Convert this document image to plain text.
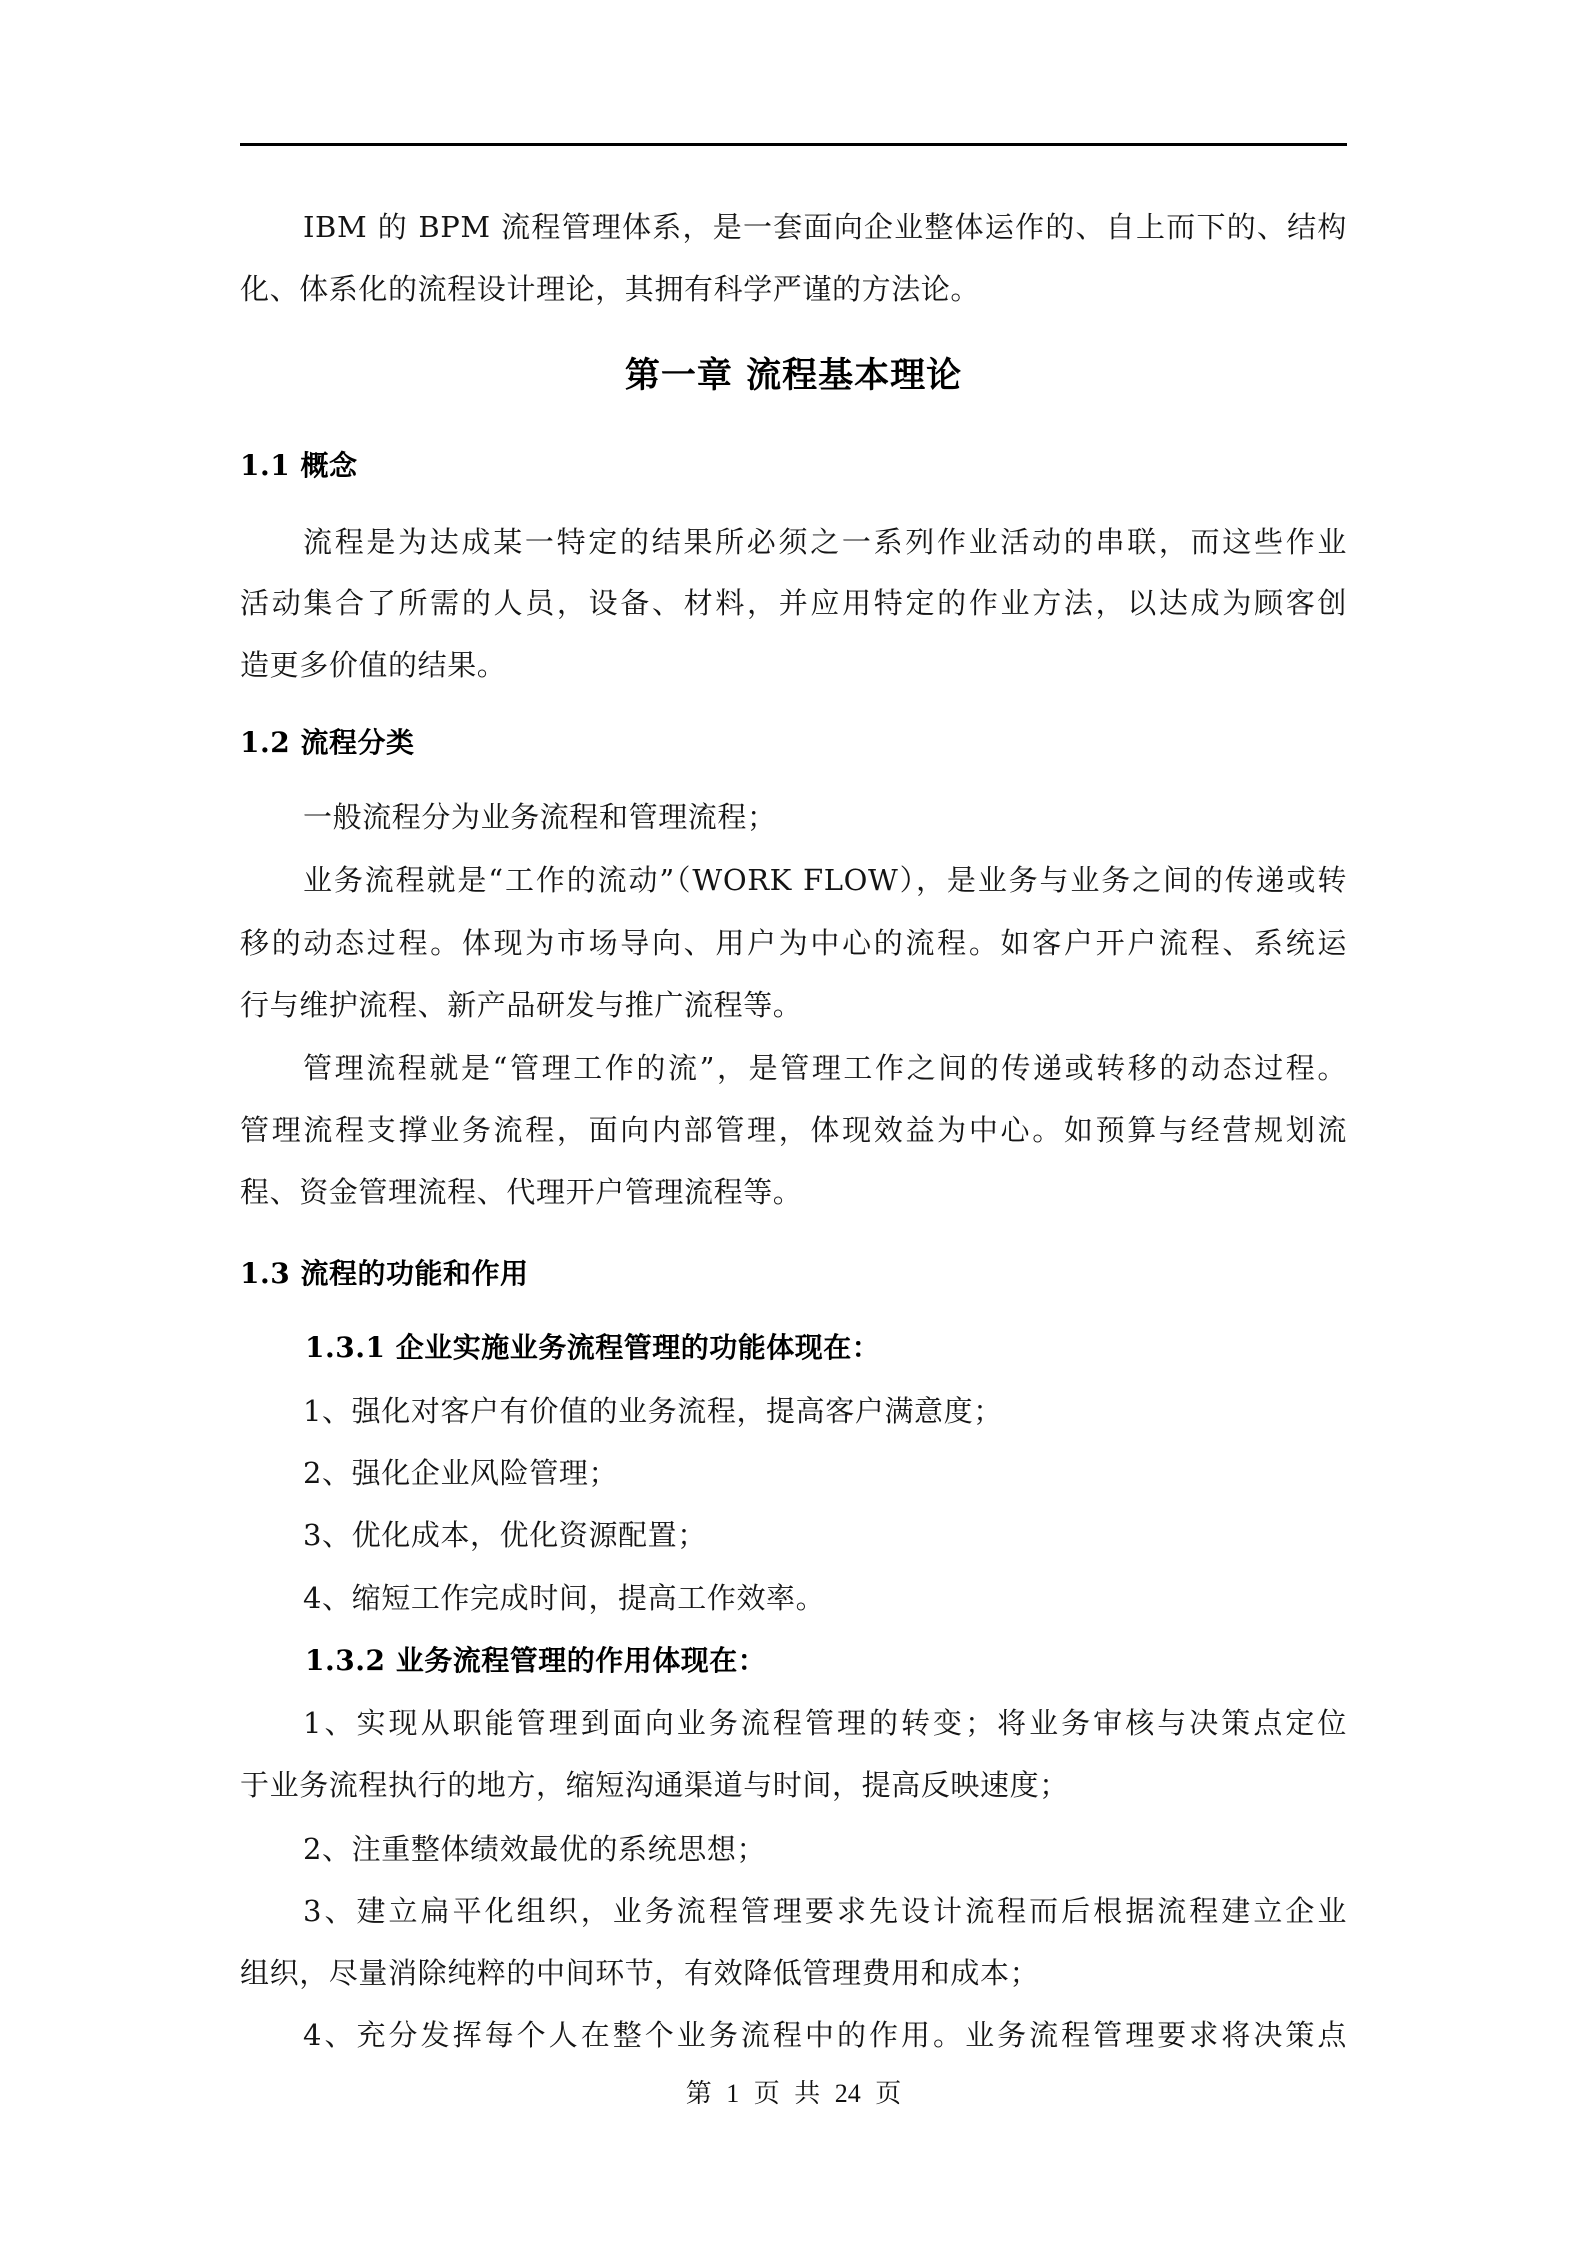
IBM 的 BPM 流程管理体系，是一套面向企业整体运作的、自上而下的、结构
化、体系化的流程设计理论，其拥有科学严谨的方法论。
第一章 流程基本理论
1.1 概念
流程是为达成某一特定的结果所必须之一系列作业活动的串联，而这些作业
活动集合了所需的人员，设备、材料，并应用特定的作业方法，以达成为顾客创
造更多价值的结果。
1.2 流程分类
一般流程分为业务流程和管理流程；
业务流程就是“工作的流动”（WORK FLOW），是业务与业务之间的传递或转
移的动态过程。体现为市场导向、用户为中心的流程。如客户开户流程、系统运
行与维护流程、新产品研发与推广流程等。
管理流程就是“管理工作的流”，是管理工作之间的传递或转移的动态过程。
管理流程支撑业务流程，面向内部管理，体现效益为中心。如预算与经营规划流
程、资金管理流程、代理开户管理流程等。
1.3 流程的功能和作用
1.3.1 企业实施业务流程管理的功能体现在：
1、强化对客户有价值的业务流程，提高客户满意度；
2、强化企业风险管理；
3、优化成本，优化资源配置；
4、缩短工作完成时间，提高工作效率。
1.3.2 业务流程管理的作用体现在：
1、实现从职能管理到面向业务流程管理的转变；将业务审核与决策点定位
于业务流程执行的地方，缩短沟通渠道与时间，提高反映速度；
2、注重整体绩效最优的系统思想；
3、建立扁平化组织，业务流程管理要求先设计流程而后根据流程建立企业
组织，尽量消除纯粹的中间环节，有效降低管理费用和成本；
4、充分发挥每个人在整个业务流程中的作用。业务流程管理要求将决策点
第 1 页 共 24 页
